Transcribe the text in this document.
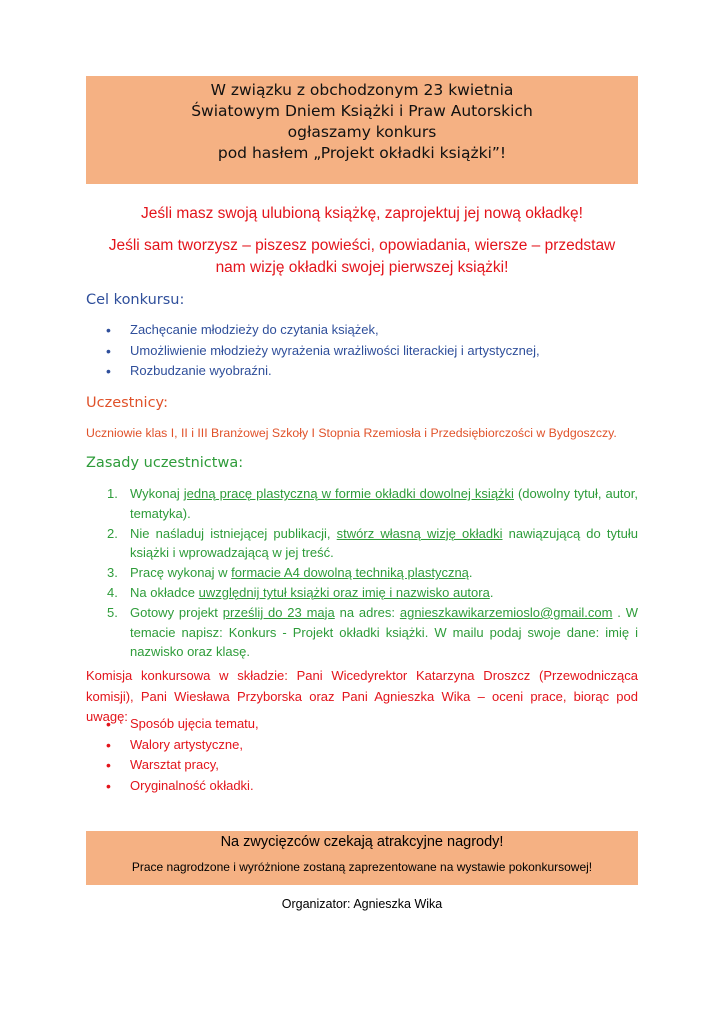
W związku z obchodzonym 23 kwietnia
Światowym Dniem Książki i Praw Autorskich
ogłaszamy konkurs
pod hasłem „Projekt okładki książki”!
Jeśli masz swoją ulubioną książkę, zaprojektuj jej nową okładkę!
Jeśli sam tworzysz – piszesz powieści, opowiadania, wiersze – przedstaw
nam wizję okładki swojej pierwszej książki!
Cel konkursu:
• Zachęcanie młodzieży do czytania książek,
• Umożliwienie młodzieży wyrażenia wrażliwości literackiej i artystycznej,
• Rozbudzanie wyobraźni.
Uczestnicy:
Uczniowie klas I, II i III Branżowej Szkoły I Stopnia Rzemiosła i Przedsiębiorczości w Bydgoszczy.
Zasady uczestnictwa:
1. Wykonaj jedną pracę plastyczną w formie okładki dowolnej książki (dowolny tytuł, autor, tematyka).
2. Nie naśladuj istniejącej publikacji, stwórz własną wizję okładki nawiązującą do tytułu książki i wprowadzającą w jej treść.
3. Pracę wykonaj w formacie A4 dowolną techniką plastyczną.
4. Na okładce uwzględnij tytuł książki oraz imię i nazwisko autora.
5. Gotowy projekt prześlij do 23 maja na adres: agnieszkawikarzemioslo@gmail.com . W temacie napisz: Konkurs - Projekt okładki książki. W mailu podaj swoje dane: imię i nazwisko oraz klasę.
Komisja konkursowa w składzie: Pani Wicedyrektor Katarzyna Droszcz (Przewodnicząca komisji), Pani Wiesława Przyborska oraz Pani Agnieszka Wika – oceni prace, biorąc pod uwagę:
• Sposób ujęcia tematu,
• Walory artystyczne,
• Warsztat pracy,
• Oryginalność okładki.
Na zwycięzców czekają atrakcyjne nagrody!
Prace nagrodzone i wyróżnione zostaną zaprezentowane na wystawie pokonkursowej!
Organizator: Agnieszka Wika
